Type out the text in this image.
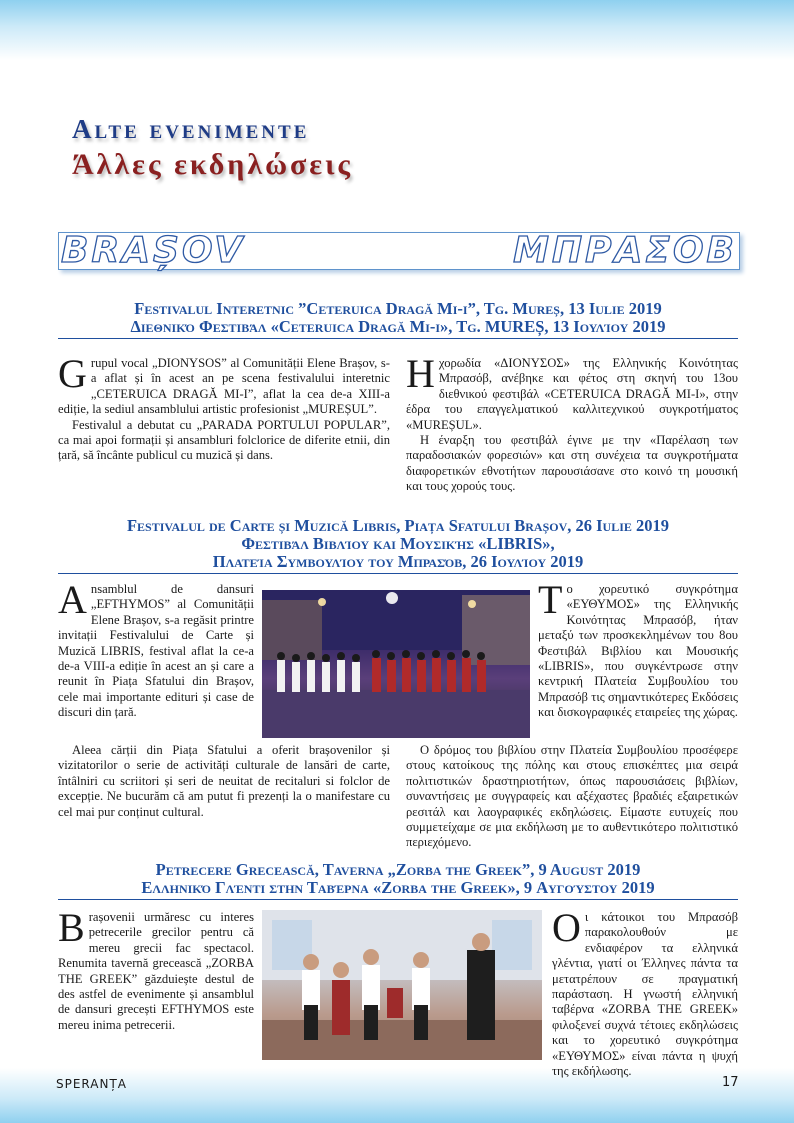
Alte evenimente
Άλλες εκδηλώσεις
BRAȘOV	ΜΠΡΑΣΟΒ
Festivalul Interetnic ”Ceteruica Dragă Mi-i”, Tg. Mureș, 13 Iulie 2019
Διεθνικό Φεστιβάλ «Ceteruica Dragă Mi-i», Tg. MUREȘ, 13 Ιουλίου 2019

Grupul vocal „DIONYSOS” al Comunității Elene Brașov, s-a aflat și în acest an pe scena festivalului interetnic „CETERUICA DRAGĂ MI-I”, aflat la cea de-a XIII-a ediție, la sediul ansamblului artistic profesionist „MUREȘUL”.

Festivalul a debutat cu „PARADA PORTULUI POPULAR”, ca mai apoi formații și ansambluri folclorice de diferite etnii, din țară, să încânte publicul cu muzică și dans.

Ηχορωδία «ΔΙΟΝΥΣΟΣ» της Ελληνικής Κοινότητας Μπρασόβ, ανέβηκε και φέτος στη σκηνή του 13ου διεθνικού φεστιβάλ «CETERUICA DRAGĂ MI-I», στην έδρα του επαγγελματικού καλλιτεχνικού συγκροτήματος «MUREȘUL».

Η έναρξη του φεστιβάλ έγινε με την «Παρέλαση των παραδοσιακών φορεσιών» και στη συνέχεια τα συγκροτήματα διαφορετικών εθνοτήτων παρουσιάσανε στο κοινό τη μουσική και τους χορούς τους.

Festivalul de Carte și Muzică Libris, Piața Sfatului Brașov, 26 Iulie 2019
Φεστιβάλ Βιβλίου και Μουσικής «LIBRIS»,
Πλατεία Συμβουλίου του Μπρασόβ, 26 Ιουλίου 2019

Ansamblul de dansuri „EFTHYMOS” al Comunității Elene Brașov, s-a regăsit printre invitații Festivalului de Carte și Muzică LIBRIS, festival aflat la ce-a de-a VIII-a ediție în acest an și care a reunit în Piața Sfatului din Brașov, cele mai importante edituri și case de discuri din țară.

Aleea cărții din Piața Sfatului a oferit brașovenilor și vizitatorilor o serie de activități culturale de lansări de carte, întâlniri cu scriitori și seri de neuitat de recitaluri si folclor de excepție. Ne bucurăm că am putut fi prezenți la o manifestare cu cel mai pur conținut cultural.

Το χορευτικό συγκρότημα «ΕΥΘΥΜΟΣ» της Ελληνικής Κοινότητας Μπρασόβ, ήταν μεταξύ των προσκεκλημένων του 8ου Φεστιβάλ Βιβλίου και Μουσικής «LIBRIS», που συγκέντρωσε στην κεντρική Πλατεία Συμβουλίου του Μπρασόβ τις σημαντικότερες Εκδόσεις και δισκογραφικές εταιρείες της χώρας.

Ο δρόμος του βιβλίου στην Πλατεία Συμβουλίου προσέφερε στους κατοίκους της πόλης και στους επισκέπτες μια σειρά πολιτιστικών δραστηριοτήτων, όπως παρουσιάσεις βιβλίων, συναντήσεις με συγγραφείς και αξέχαστες βραδιές εξαιρετικών ρεσιτάλ και λαογραφικές εκδηλώσεις. Είμαστε ευτυχείς που συμμετείχαμε σε μια εκδήλωση με το αυθεντικότερο πολιτιστικό περιεχόμενο.

Petrecere Grecească, Taverna „Zorba the Greek”, 9 August 2019
Ελληνικό Γλέντι στην Ταβέρνα «Zorba the Greek», 9 Αυγούστου 2019

Brașovenii urmăresc cu interes petrecerile grecilor pentru că mereu grecii fac spectacol. Renumita tavernă grecească „ZORBA THE GREEK” găzduiește destul de des astfel de evenimente și ansamblul de dansuri grecești EFTHYMOS este mereu inima petrecerii.

Οι κάτοικοι του Μπρασόβ παρακολουθούν με ενδιαφέρον τα ελληνικά γλέντια, γιατί οι Έλληνες πάντα τα μετατρέπουν σε πραγματική παράσταση. Η γνωστή ελληνική ταβέρνα «ZORBA THE GREEK» φιλοξενεί συχνά τέτοιες εκδηλώσεις και το χορευτικό συγκρότημα «ΕΥΘΥΜΟΣ» είναι πάντα η ψυχή της εκδήλωσης.

SPERANȚA	17
